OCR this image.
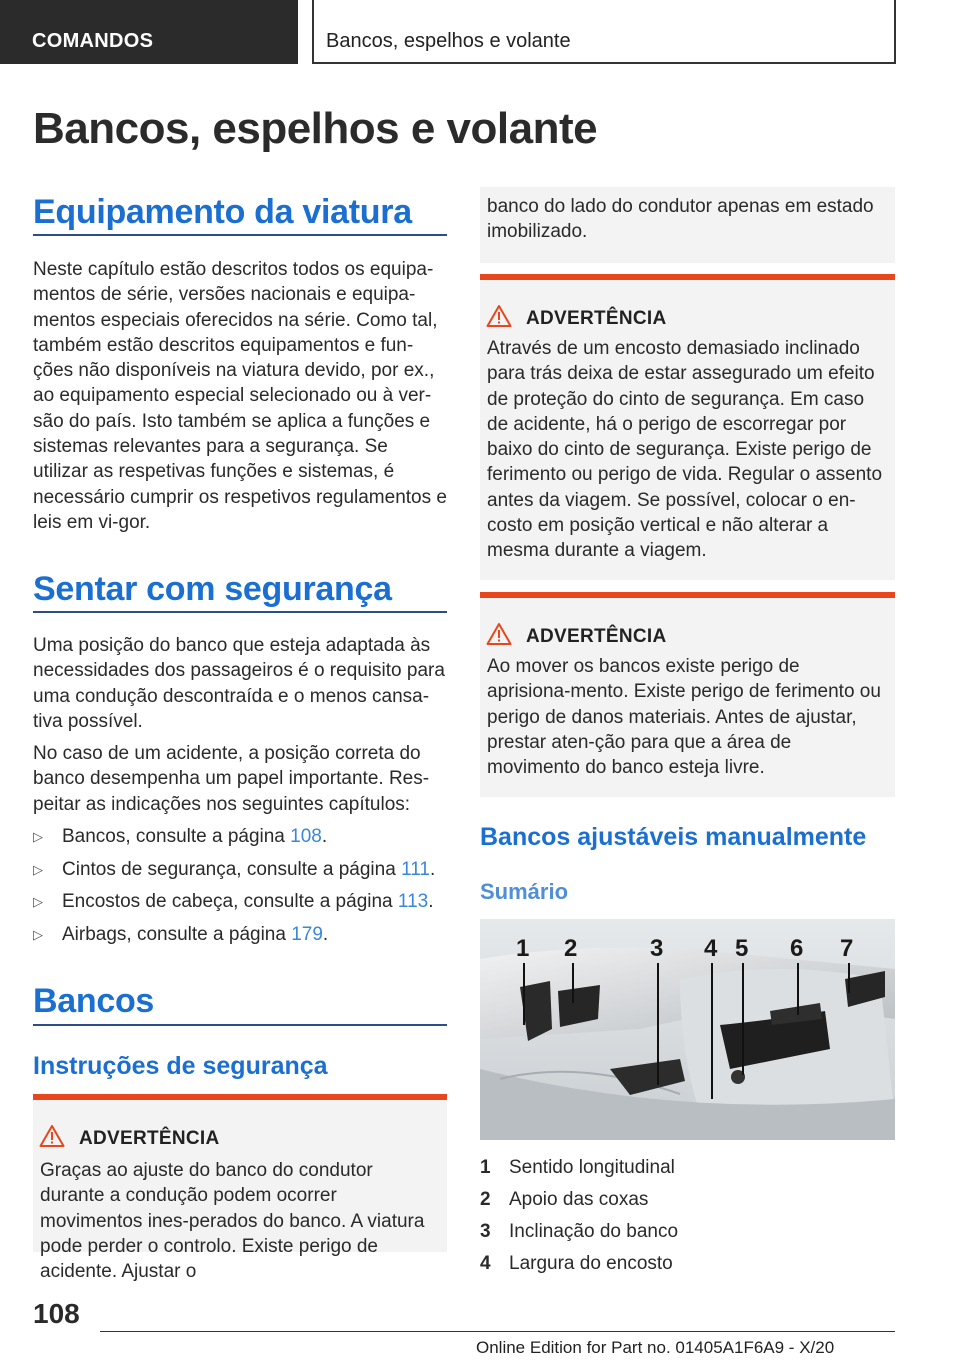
COMANDOS	Bancos, espelhos e volante
Bancos, espelhos e volante
Equipamento da viatura

Neste capítulo estão descritos todos os equipa-mentos de série, versões nacionais e equipa-mentos especiais oferecidos na série. Como tal, também estão descritos equipamentos e fun-ções não disponíveis na viatura devido, por ex., ao equipamento especial selecionado ou à ver-são do país. Isto também se aplica a funções e sistemas relevantes para a segurança. Se utilizar as respetivas funções e sistemas, é necessário cumprir os respetivos regulamentos e leis em vi-gor.

Sentar com segurança

Uma posição do banco que esteja adaptada às necessidades dos passageiros é o requisito para uma condução descontraída e o menos cansa-tiva possível.

No caso de um acidente, a posição correta do banco desempenha um papel importante. Res-peitar as indicações nos seguintes capítulos:

▷ Bancos, consulte a página 108.
▷ Cintos de segurança, consulte a página 111.
▷ Encostos de cabeça, consulte a página 113.
▷ Airbags, consulte a página 179.
Bancos
Instruções de segurança
ADVERTÊNCIA
Graças ao ajuste do banco do condutor durante a condução podem ocorrer movimentos ines-perados do banco. A viatura pode perder o controlo. Existe perigo de acidente. Ajustar o
banco do lado do condutor apenas em estado imobilizado.
ADVERTÊNCIA
Através de um encosto demasiado inclinado para trás deixa de estar assegurado um efeito de proteção do cinto de segurança. Em caso de acidente, há o perigo de escorregar por baixo do cinto de segurança. Existe perigo de ferimento ou perigo de vida. Regular o assento antes da viagem. Se possível, colocar o en-costo em posição vertical e não alterar a mesma durante a viagem.
ADVERTÊNCIA
Ao mover os bancos existe perigo de aprisiona-mento. Existe perigo de ferimento ou perigo de danos materiais. Antes de ajustar, prestar aten-ção para que a área de movimento do banco esteja livre.
Bancos ajustáveis manualmente
Sumário
1 2	3 4 5 6 7
1 Sentido longitudinal
2 Apoio das coxas
3 Inclinação do banco
4 Largura do encosto
108
Online Edition for Part no. 01405A1F6A9 - X/20
